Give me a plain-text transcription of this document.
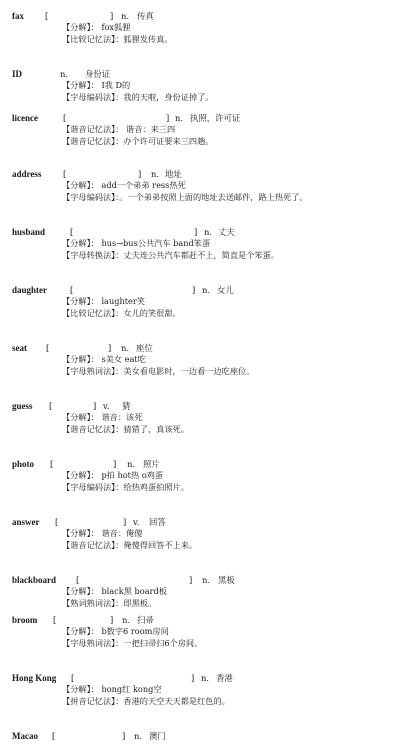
fax	[	] n. 传真
【分解】： fox狐狸
【比较记忆法】：狐狸发传真。
ID	n. 身份证
【分解】： I我 D的
【字母编码法】：我的天啦，身份证掉了。
licence	[	] n. 执照，许可证
【谐音记忆法】： 谐音：来三四
【谐音记忆法】：办个许可证要来三四趟。
address	[	] n. 地址
【分解】： add一个弟弟 ress热死
【字母编码法】：。一个弟弟按照上面的地址去送邮件，路上热死了。
husband	[	] n. 丈夫
【分解】： hus→bus公共汽车 band笨蛋
【字母转换法】：丈夫连公共汽车都赶不上，简直是个笨蛋。
daughter	[	] n. 女儿
【分解】： laughter笑
【比较记忆法】：女儿的笑很甜。
seat [	] n. 座位
【分解】： s美女 eat吃
【字母熟词法】：美女看电影时，一边看一边吃座位。
guess [	] v. 猜
【分解】： 谐音：该死
【谐音记忆法】：猜错了，真该死。
photo [	] n. 照片
【分解】： p拍 hot热 o鸡蛋
【字母编码法】：给热鸡蛋拍照片。
answer [	] v. 回答
【分解】： 谐音：俺傻
【谐音记忆法】：俺傻得回答不上来。
blackboard [	] n. 黑板
【分解】： black黑 board板
【熟词熟词法】：即黑板。
broom [	] n. 扫帚
【分解】： b数字6 room房间
【字母熟词法】：一把扫帚扫6个房间。
Hong Kong [	] n. 香港
【分解】： hong红 kong空
【拼音记忆法】：香港的天空天天都是红色的。
Macao [	] n. 澳门
